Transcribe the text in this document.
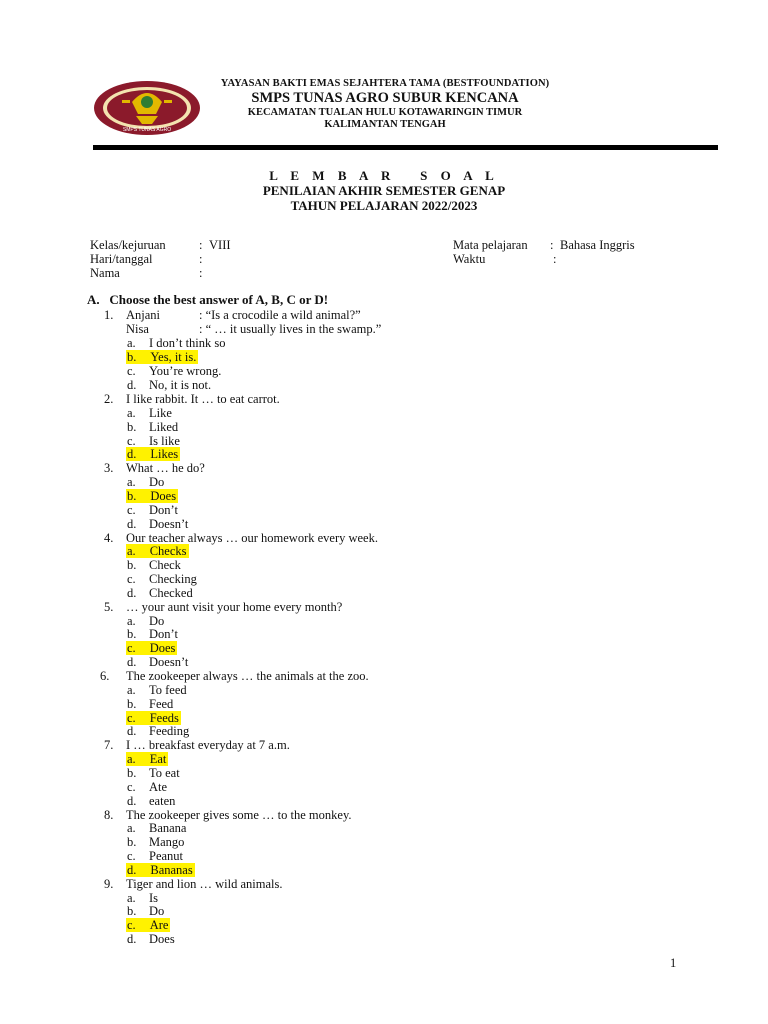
SMPS TUNAS AGRO
YAYASAN BAKTI EMAS SEJAHTERA TAMA (BESTFOUNDATION)
SMPS TUNAS AGRO SUBUR KENCANA
KECAMATAN TUALAN HULU KOTAWARINGIN TIMUR
KALIMANTAN TENGAH
L E M B A R   S O A L
PENILAIAN AKHIR SEMESTER GENAP
TAHUN PELAJARAN 2022/2023
Kelas/kejuruan	: VIII
Hari/tanggal	:
Nama	:
Mata pelajaran : Bahasa Inggris
Waktu	:
A.   Choose the best answer of A, B, C or D!
1. Anjani	: “Is a crocodile a wild animal?”
Nisa	: “ … it usually lives in the swamp.”
a. I don’t think so
b. Yes, it is.
c. You’re wrong.
d. No, it is not.
2. I like rabbit. It … to eat carrot.
a. Like
b. Liked
c. Is like
d. Likes
3. What … he do?
a. Do
b. Does
c. Don’t
d. Doesn’t
4. Our teacher always … our homework every week.
a. Checks
b. Check
c. Checking
d. Checked
5. … your aunt visit your home every month?
a. Do
b. Don’t
c. Does
d. Doesn’t
6. The zookeeper always … the animals at the zoo.
a. To feed
b. Feed
c. Feeds
d. Feeding
7. I … breakfast everyday at 7 a.m.
a. Eat
b. To eat
c. Ate
d. eaten
8. The zookeeper gives some … to the monkey.
a. Banana
b. Mango
c. Peanut
d. Bananas
9. Tiger and lion … wild animals.
a. Is
b. Do
c. Are
d. Does
1
